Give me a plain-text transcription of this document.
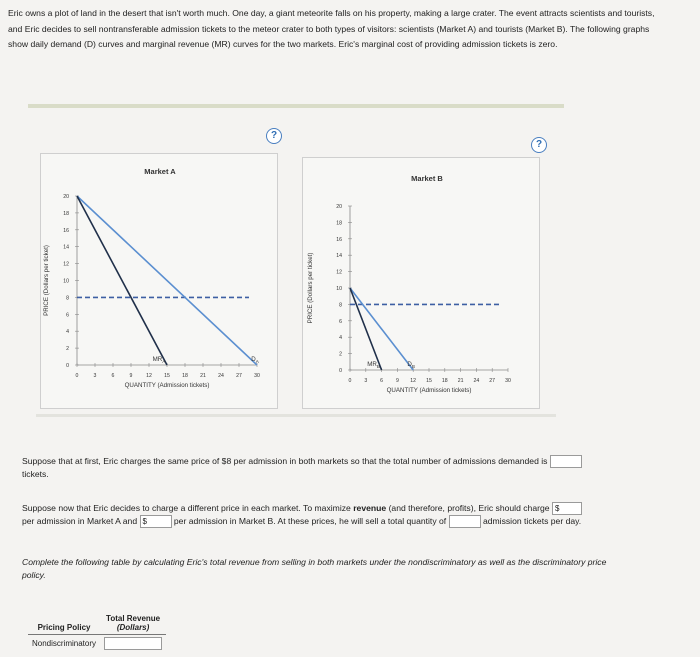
Eric owns a plot of land in the desert that isn't worth much. One day, a giant meteorite falls on his property, making a large crater. The event attracts scientists and tourists, and Eric decides to sell nontransferable admission tickets to the meteor crater to both types of visitors: scientists (Market A) and tourists (Market B). The following graphs show daily demand (D) curves and marginal revenue (MR) curves for the two markets. Eric's marginal cost of providing admission tickets is zero.

?
?
Market A
0
2
4
6
8
10
12
14
16
18
20
0	3	6	9	12 15 18 21 24 27 30
QUANTITY (Admission tickets)
PRICE (Dollars per ticket)
$D_A$
$MR_A$
Market B
0
2
4
6
8
10
12
14
16
18
20
0 3 6 9 12 15 18 21 24 27 30
QUANTITY (Admission tickets)
PRICE (Dollars per ticket)
$D_B$
$MR_B$
Suppose that at first, Eric charges the same price of $8 per admission in both markets so that the total number of admissions demanded is
tickets.
Suppose now that Eric decides to charge a different price in each market. To maximize revenue (and therefore, profits), Eric should charge $
per admission in Market A and $	per admission in Market B. At these prices, he will sell a total quantity of	admission tickets per day.
Complete the following table by calculating Eric's total revenue from selling in both markets under the nondiscriminatory as well as the discriminatory price policy.
Pricing Policy	Total Revenue
(Dollars)
Nondiscriminatory	
